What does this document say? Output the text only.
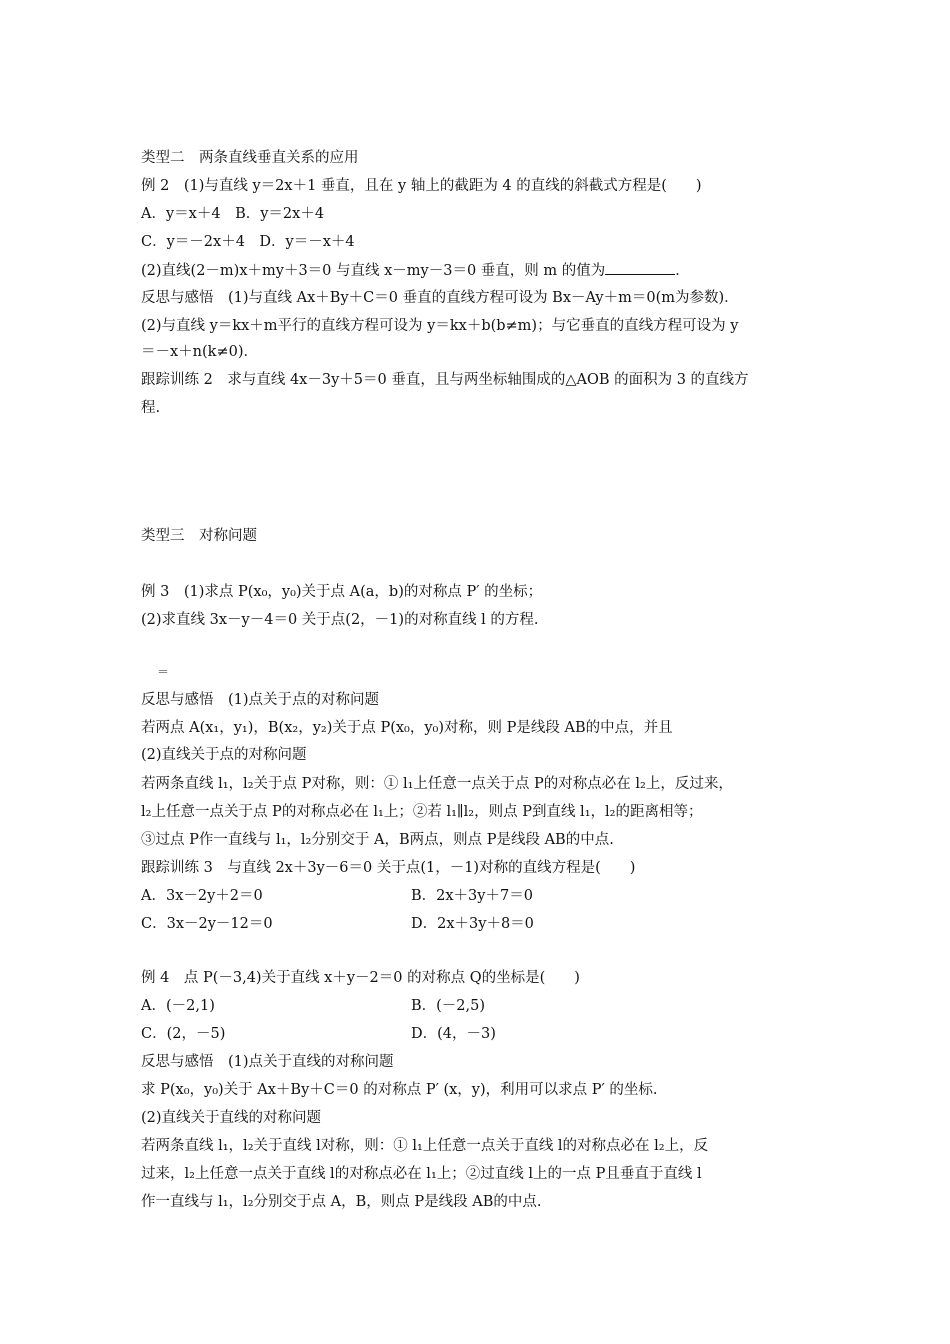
类型二　两条直线垂直关系的应用
例 2　(1)与直线 y＝2x＋1 垂直，且在 y 轴上的截距为 4 的直线的斜截式方程是(　　)
A．y＝x＋4　 B．y＝2x＋4
C．y＝－2x＋4　 D．y＝－x＋4
(2)直线(2－m)x＋my＋3＝0 与直线 x－my－3＝0 垂直，则 m 的值为	．
反思与感悟　(1)与直线 Ax＋By＋C＝0 垂直的直线方程可设为 Bx－Ay＋m＝0(m为参数)．
(2)与直线 y＝kx＋m平行的直线方程可设为 y＝kx＋b(b≠m)；与它垂直的直线方程可设为 y
＝－x＋n(k≠0)．
跟踪训练 2　求与直线 4x－3y＋5＝0 垂直，且与两坐标轴围成的△AOB 的面积为 3 的直线方
程.
类型三　对称问题
例 3　(1)求点 P(x₀，y₀)关于点 A(a，b)的对称点 P′ 的坐标；
(2)求直线 3x－y－4＝0 关于点(2，－1)的对称直线 l 的方程.
＝
反思与感悟　(1)点关于点的对称问题
若两点 A(x₁，y₁)，B(x₂，y₂)关于点 P(x₀，y₀)对称，则 P是线段 AB的中点，并且
(2)直线关于点的对称问题
若两条直线 l₁，l₂关于点 P对称，则：① l₁上任意一点关于点 P的对称点必在 l₂上，反过来，
l₂上任意一点关于点 P的对称点必在 l₁上；②若 l₁∥l₂，则点 P到直线 l₁，l₂的距离相等；
③过点 P作一直线与 l₁，l₂分别交于 A，B两点，则点 P是线段 AB的中点.
跟踪训练 3　与直线 2x＋3y－6＝0 关于点(1，－1)对称的直线方程是(　　)
A．3x－2y＋2＝0	B．2x＋3y＋7＝0
C．3x－2y－12＝0	D．2x＋3y＋8＝0
例 4　点 P(－3,4)关于直线 x＋y－2＝0 的对称点 Q的坐标是(　　)
A．(－2,1)	B．(－2,5)
C．(2，－5)	D．(4，－3)
反思与感悟　(1)点关于直线的对称问题
求 P(x₀，y₀)关于 Ax＋By＋C＝0 的对称点 P′ (x，y)，利用可以求点 P′ 的坐标.
(2)直线关于直线的对称问题
若两条直线 l₁，l₂关于直线 l对称，则：① l₁上任意一点关于直线 l的对称点必在 l₂上，反
过来，l₂上任意一点关于直线 l的对称点必在 l₁上；②过直线 l上的一点 P且垂直于直线 l
作一直线与 l₁，l₂分别交于点 A，B，则点 P是线段 AB的中点.
